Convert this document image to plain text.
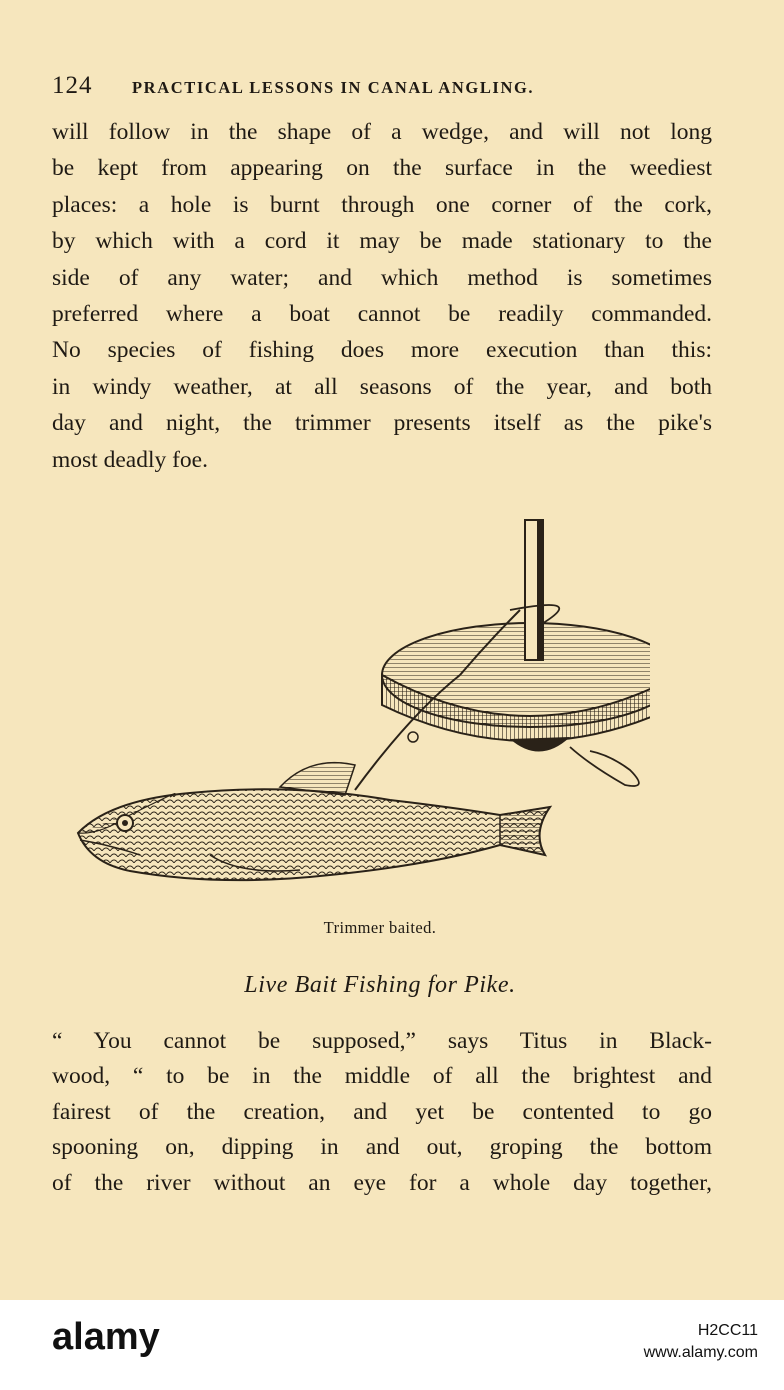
124	PRACTICAL LESSONS IN CANAL ANGLING.
will follow in the shape of a wedge, and will not long
be kept from appearing on the surface in the weediest
places: a hole is burnt through one corner of the cork,
by which with a cord it may be made stationary to the
side of any water; and which method is sometimes
preferred where a boat cannot be readily commanded.
No species of fishing does more execution than this:
in windy weather, at all seasons of the year, and both
day and night, the trimmer presents itself as the pike's
most deadly foe.
Trimmer baited.
Live Bait Fishing for Pike.
“ You cannot be supposed,” says Titus in Black-
wood, “ to be in the middle of all the brightest and
fairest of the creation, and yet be contented to go
spooning on, dipping in and out, groping the bottom
of the river without an eye for a whole day together,
alamy	H2CC11
www.alamy.com
